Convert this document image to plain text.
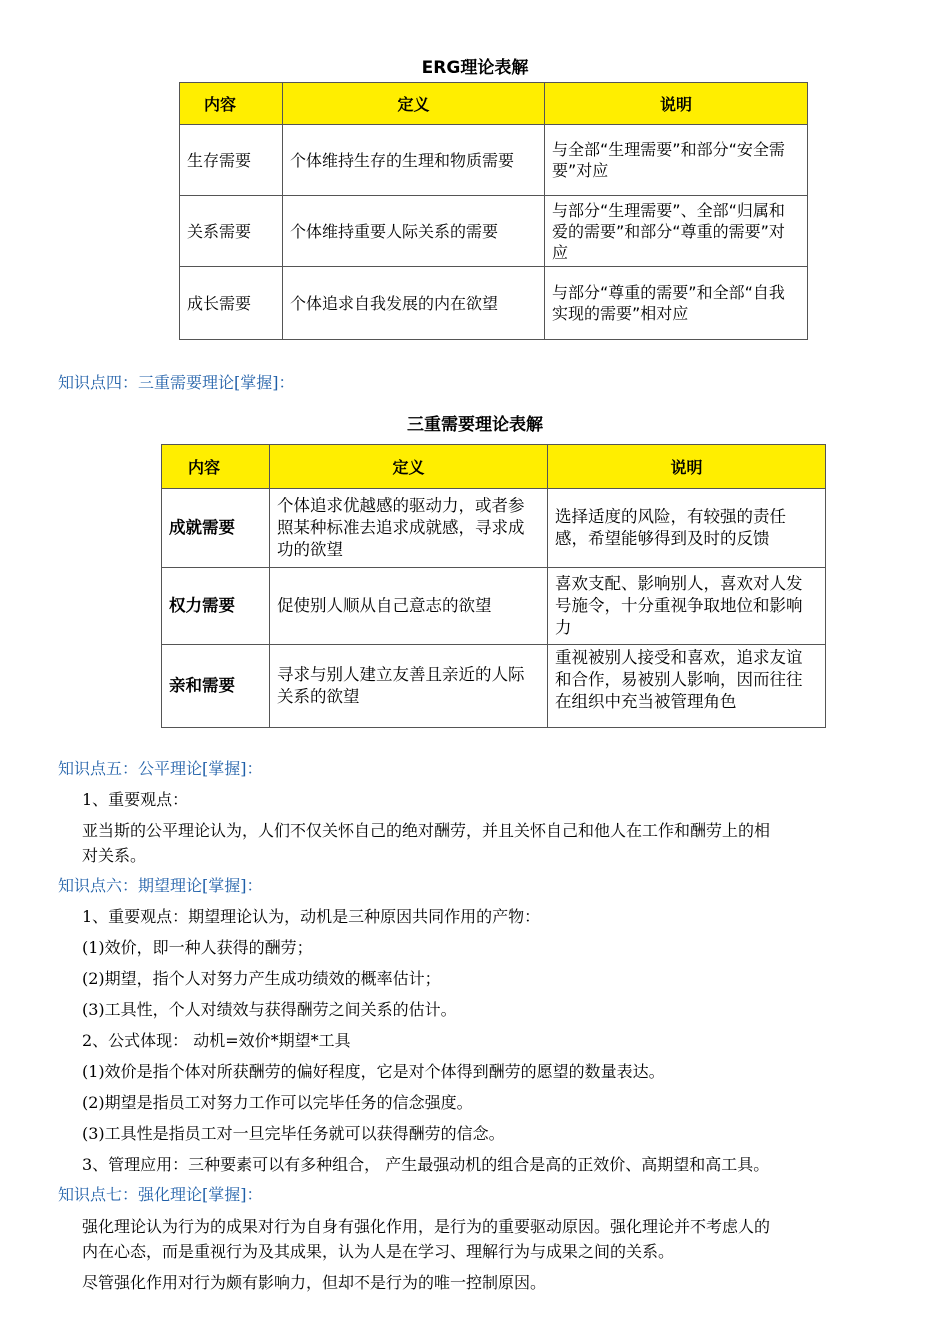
ERG理论表解
内容	定义	说明
生存需要	个体维持生存的生理和物质需要	与全部“生理需要”和部分“安全需要”对应
关系需要	个体维持重要人际关系的需要	与部分“生理需要”、全部“归属和爱的需要”和部分“尊重的需要”对应
成长需要	个体追求自我发展的内在欲望	与部分“尊重的需要”和全部“自我实现的需要”相对应
知识点四：三重需要理论[掌握]：
三重需要理论表解
内容	定义	说明
成就需要	个体追求优越感的驱动力，或者参照某种标准去追求成就感，寻求成功的欲望	选择适度的风险，有较强的责任感，希望能够得到及时的反馈
权力需要	促使别人顺从自己意志的欲望	喜欢支配、影响别人，喜欢对人发号施令，十分重视争取地位和影响力
亲和需要	寻求与别人建立友善且亲近的人际关系的欲望	重视被别人接受和喜欢，追求友谊和合作，易被别人影响，因而往往在组织中充当被管理角色
知识点五：公平理论[掌握]：
1、重要观点：
亚当斯的公平理论认为，人们不仅关怀自己的绝对酬劳，并且关怀自己和他人在工作和酬劳上的相
对关系。
知识点六：期望理论[掌握]：
1、重要观点：期望理论认为，动机是三种原因共同作用的产物：
(1)效价，即一种人获得的酬劳；
(2)期望，指个人对努力产生成功绩效的概率估计；
(3)工具性，个人对绩效与获得酬劳之间关系的估计。
2、公式体现： 动机=效价*期望*工具
(1)效价是指个体对所获酬劳的偏好程度，它是对个体得到酬劳的愿望的数量表达。
(2)期望是指员工对努力工作可以完毕任务的信念强度。
(3)工具性是指员工对一旦完毕任务就可以获得酬劳的信念。
3、管理应用：三种要素可以有多种组合， 产生最强动机的组合是高的正效价、高期望和高工具。
知识点七：强化理论[掌握]：
强化理论认为行为的成果对行为自身有强化作用，是行为的重要驱动原因。强化理论并不考虑人的
内在心态，而是重视行为及其成果，认为人是在学习、理解行为与成果之间的关系。
尽管强化作用对行为颇有影响力，但却不是行为的唯一控制原因。
